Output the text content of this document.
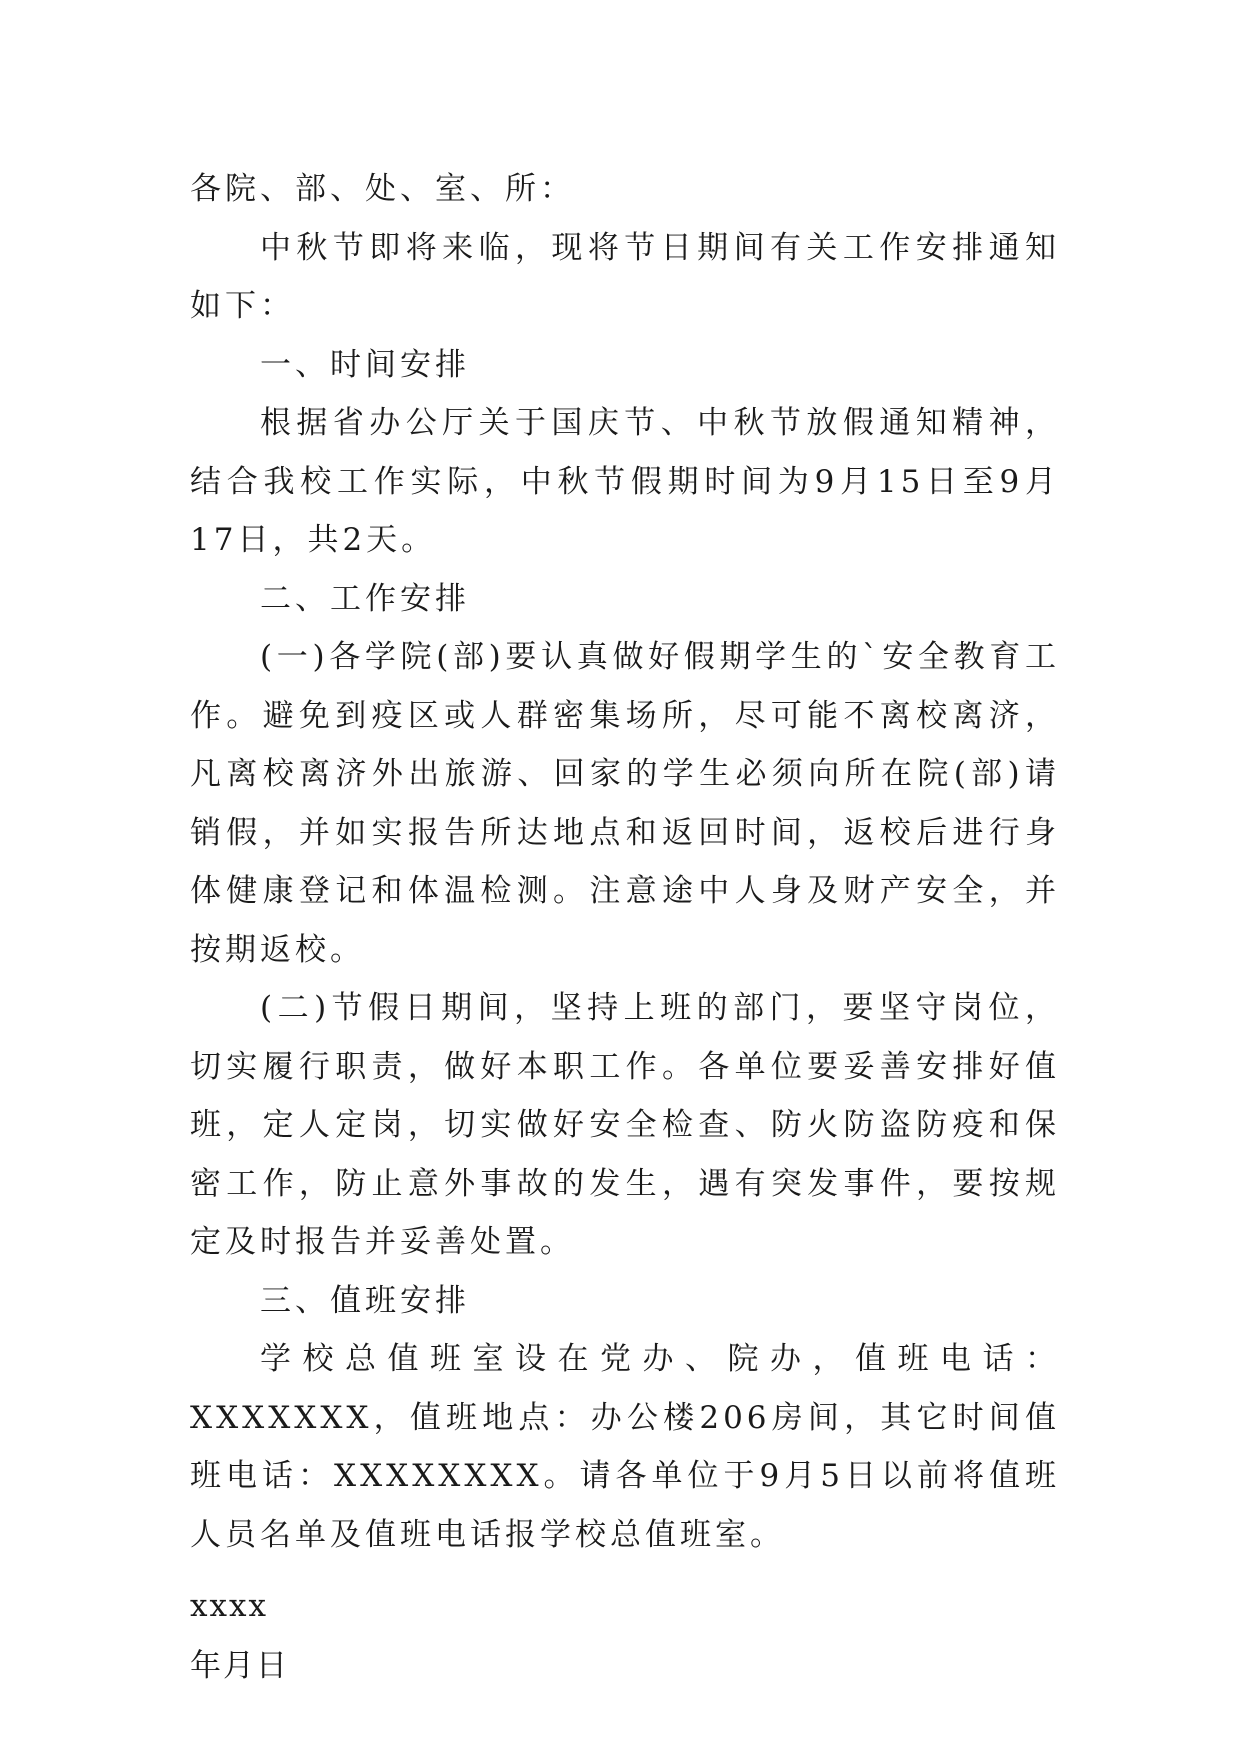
各院、部、处、室、所：

中秋节即将来临，现将节日期间有关工作安排通知如下：

一、时间安排

根据省办公厅关于国庆节、中秋节放假通知精神，结合我校工作实际，中秋节假期时间为9月15日至9月17日，共2天。

二、工作安排

(一)各学院(部)要认真做好假期学生的`安全教育工作。避免到疫区或人群密集场所，尽可能不离校离济，凡离校离济外出旅游、回家的学生必须向所在院(部)请销假，并如实报告所达地点和返回时间，返校后进行身体健康登记和体温检测。注意途中人身及财产安全，并按期返校。

(二)节假日期间，坚持上班的部门，要坚守岗位，切实履行职责，做好本职工作。各单位要妥善安排好值班，定人定岗，切实做好安全检查、防火防盗防疫和保密工作，防止意外事故的发生，遇有突发事件，要按规定及时报告并妥善处置。

三、值班安排

学校总值班室设在党办、院办，值班电话：XXXXXXX，值班地点：办公楼206房间，其它时间值班电话：XXXXXXXX。请各单位于9月5日以前将值班人员名单及值班电话报学校总值班室。

xxxx

年月日
